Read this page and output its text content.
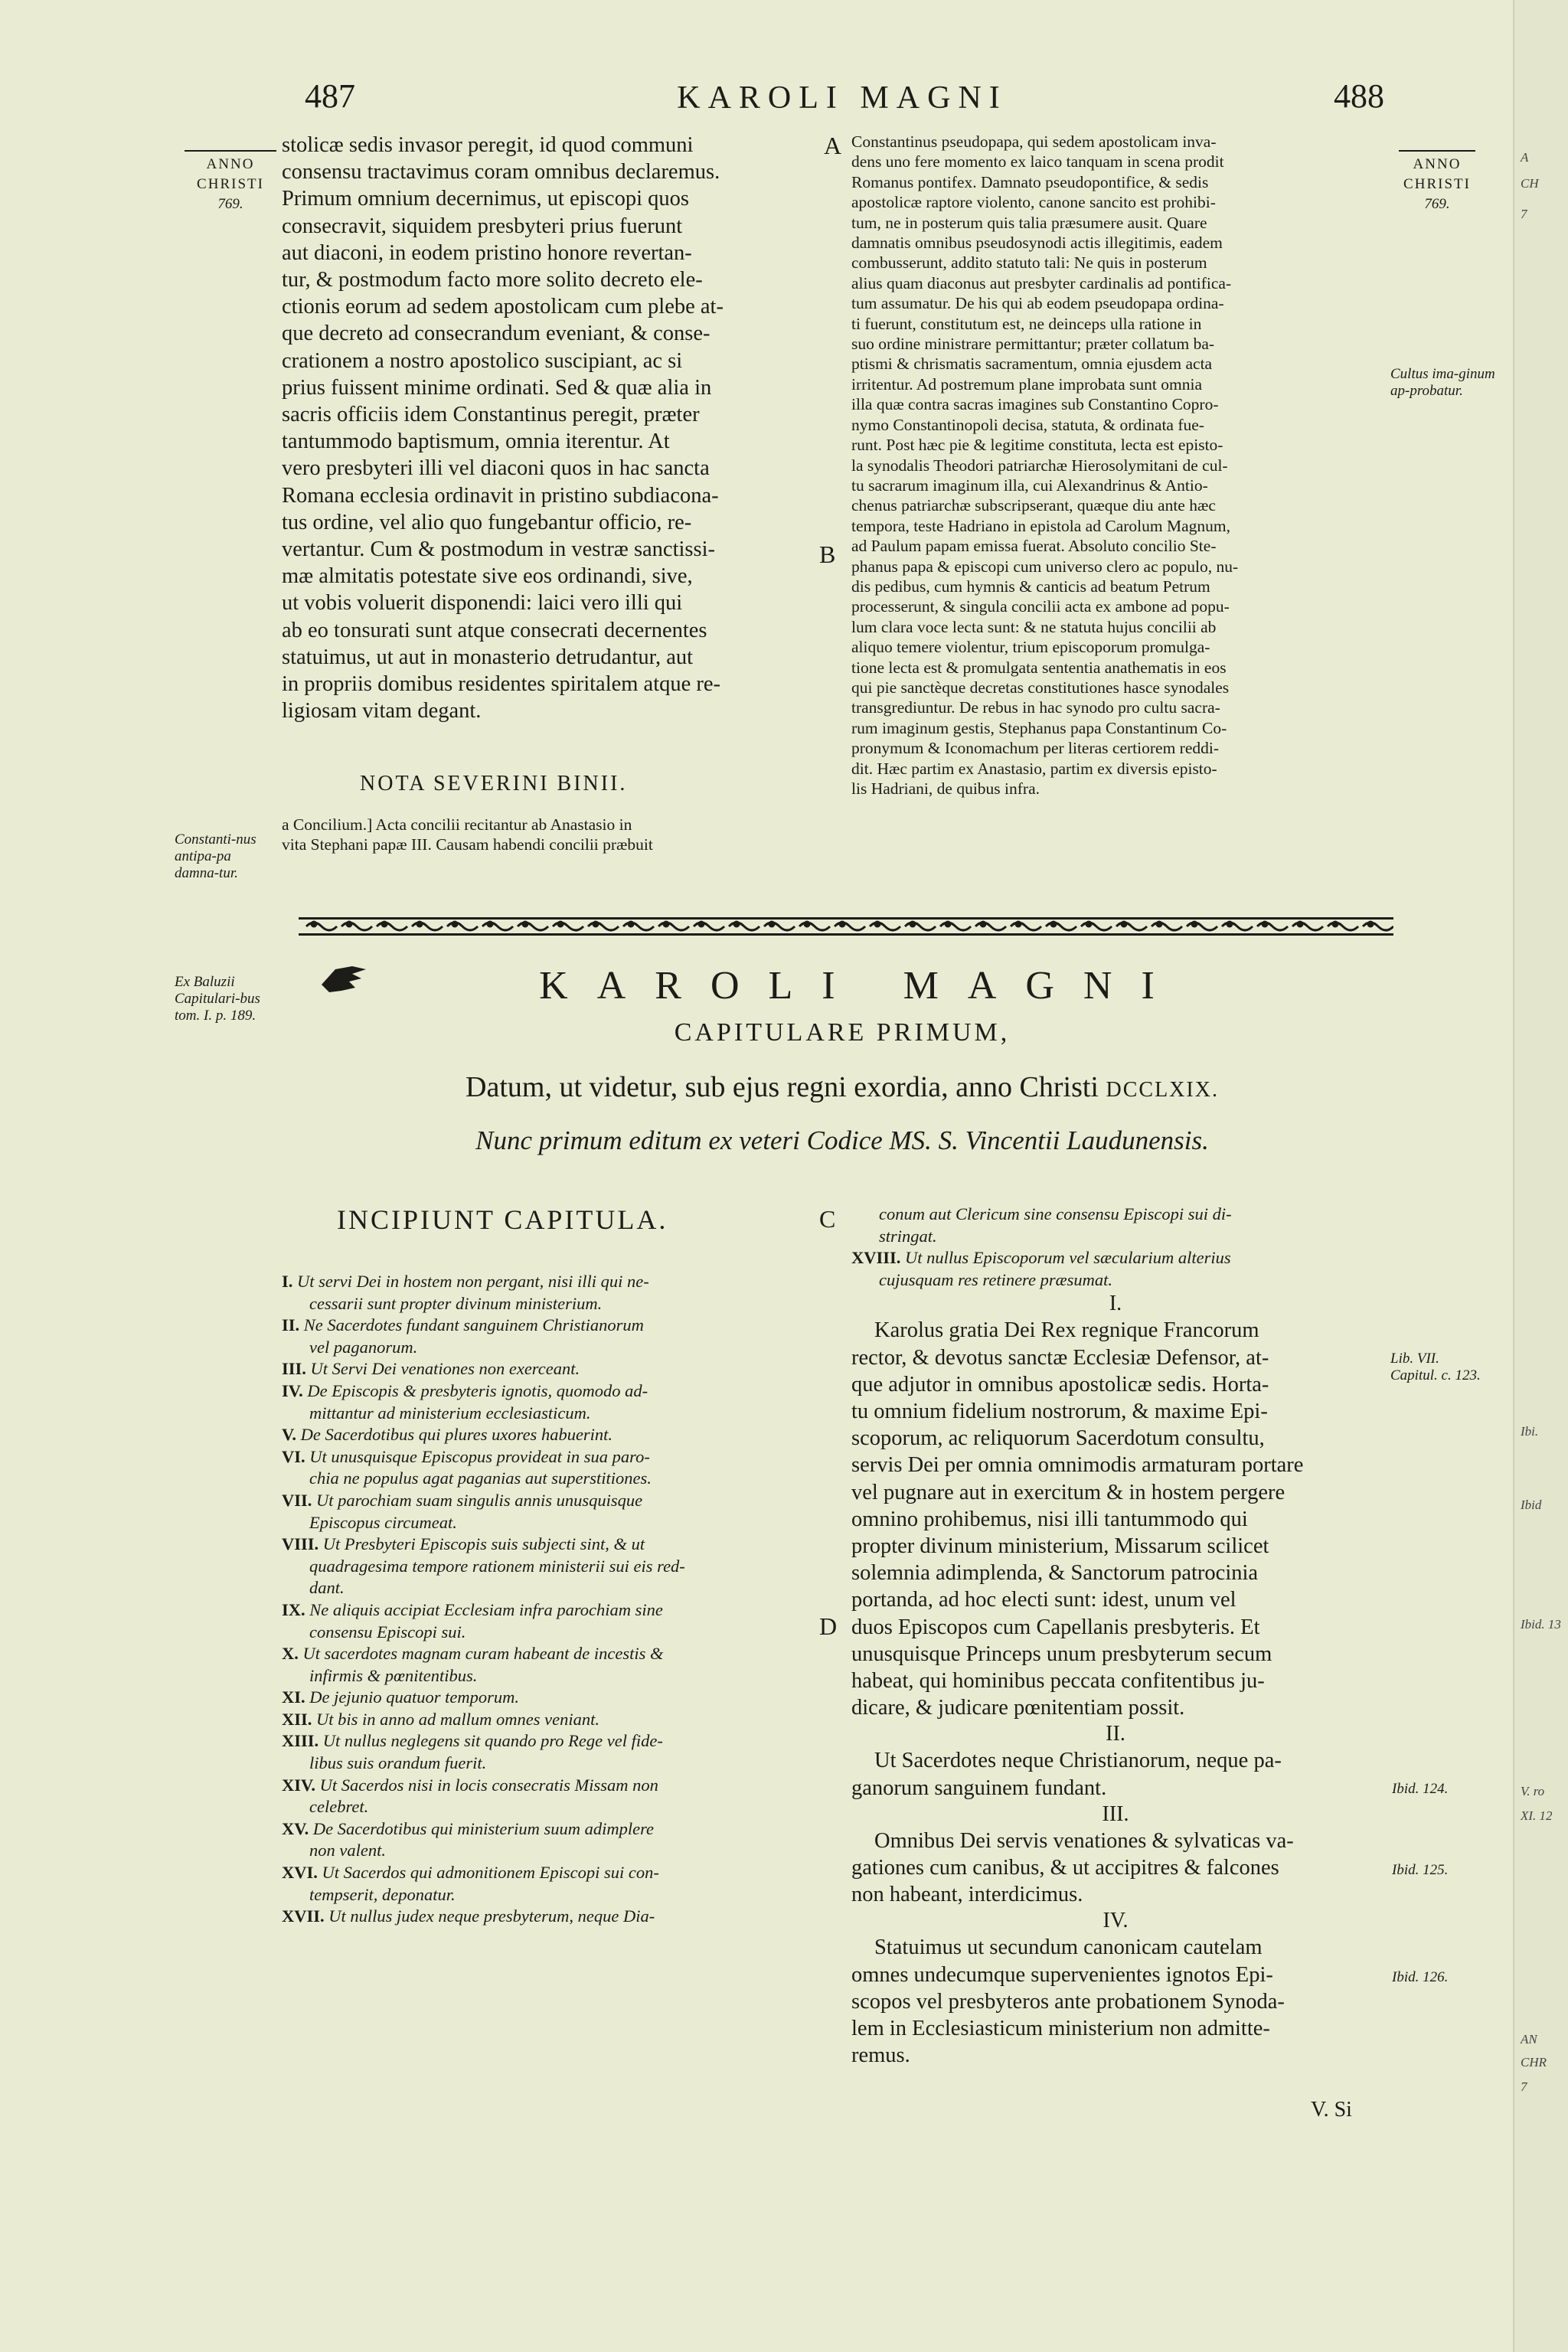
487	KAROLI MAGNI	488
ANNO
CHRISTI
769.
ANNO
CHRISTI
769.
A
B
C
D
stolicæ sedis invasor peregit, id quod communi
consensu tractavimus coram omnibus declaremus.
Primum omnium decernimus, ut episcopi quos
consecravit, siquidem presbyteri prius fuerunt
aut diaconi, in eodem pristino honore revertan-
tur, & postmodum facto more solito decreto ele-
ctionis eorum ad sedem apostolicam cum plebe at-
que decreto ad consecrandum eveniant, & conse-
crationem a nostro apostolico suscipiant, ac si
prius fuissent minime ordinati. Sed & quæ alia in
sacris officiis idem Constantinus peregit, præter
tantummodo baptismum, omnia iterentur. At
vero presbyteri illi vel diaconi quos in hac sancta
Romana ecclesia ordinavit in pristino subdiacona-
tus ordine, vel alio quo fungebantur officio, re-
vertantur. Cum & postmodum in vestræ sanctissi-
mæ almitatis potestate sive eos ordinandi, sive,
ut vobis voluerit disponendi: laici vero illi qui
ab eo tonsurati sunt atque consecrati decernentes
statuimus, ut aut in monasterio detrudantur, aut
in propriis domibus residentes spiritalem atque re-
ligiosam vitam degant.
NOTA SEVERINI BINII.
a Concilium.] Acta concilii recitantur ab Anastasio in
vita Stephani papæ III. Causam habendi concilii præbuit
Constantinus pseudopapa, qui sedem apostolicam inva-
dens uno fere momento ex laico tanquam in scena prodit
Romanus pontifex. Damnato pseudopontifice, & sedis
apostolicæ raptore violento, canone sancito est prohibi-
tum, ne in posterum quis talia præsumere ausit. Quare
damnatis omnibus pseudosynodi actis illegitimis, eadem
combusserunt, addito statuto tali: Ne quis in posterum
alius quam diaconus aut presbyter cardinalis ad pontifica-
tum assumatur. De his qui ab eodem pseudopapa ordina-
ti fuerunt, constitutum est, ne deinceps ulla ratione in
suo ordine ministrare permittantur; præter collatum ba-
ptismi & chrismatis sacramentum, omnia ejusdem acta
irritentur. Ad postremum plane improbata sunt omnia
illa quæ contra sacras imagines sub Constantino Copro-
nymo Constantinopoli decisa, statuta, & ordinata fue-
runt. Post hæc pie & legitime constituta, lecta est episto-
la synodalis Theodori patriarchæ Hierosolymitani de cul-
tu sacrarum imaginum illa, cui Alexandrinus & Antio-
chenus patriarchæ subscripserant, quæque diu ante hæc
tempora, teste Hadriano in epistola ad Carolum Magnum,
ad Paulum papam emissa fuerat. Absoluto concilio Ste-
phanus papa & episcopi cum universo clero ac populo, nu-
dis pedibus, cum hymnis & canticis ad beatum Petrum
processerunt, & singula concilii acta ex ambone ad popu-
lum clara voce lecta sunt: & ne statuta hujus concilii ab
aliquo temere violentur, trium episcoporum promulga-
tione lecta est & promulgata sententia anathematis in eos
qui pie sanctèque decretas constitutiones hasce synodales
transgrediuntur. De rebus in hac synodo pro cultu sacra-
rum imaginum gestis, Stephanus papa Constantinum Co-
pronymum & Iconomachum per literas certiorem reddi-
dit. Hæc partim ex Anastasio, partim ex diversis episto-
lis Hadriani, de quibus infra.
Constanti-nus antipa-pa damna-tur.
Ex Baluzii Capitulari-bus tom. I. p. 189.
Cultus ima-ginum ap-probatur.
Lib. VII. Capitul. c. 123.
Ibid. 124.
Ibid. 125.
Ibid. 126.
KAROLI MAGNI
CAPITULARE PRIMUM,
Datum, ut videtur, sub ejus regni exordia, anno Christi DCCLXIX.
Nunc primum editum ex veteri Codice MS. S. Vincentii Laudunensis.
INCIPIUNT CAPITULA.
I. Ut servi Dei in hostem non pergant, nisi illi qui ne-
cessarii sunt propter divinum ministerium.
II. Ne Sacerdotes fundant sanguinem Christianorum
vel paganorum.
III. Ut Servi Dei venationes non exerceant.
IV. De Episcopis & presbyteris ignotis, quomodo ad-
mittantur ad ministerium ecclesiasticum.
V. De Sacerdotibus qui plures uxores habuerint.
VI. Ut unusquisque Episcopus provideat in sua paro-
chia ne populus agat paganias aut superstitiones.
VII. Ut parochiam suam singulis annis unusquisque
Episcopus circumeat.
VIII. Ut Presbyteri Episcopis suis subjecti sint, & ut
quadragesima tempore rationem ministerii sui eis red-
dant.
IX. Ne aliquis accipiat Ecclesiam infra parochiam sine
consensu Episcopi sui.
X. Ut sacerdotes magnam curam habeant de incestis &
infirmis & pœnitentibus.
XI. De jejunio quatuor temporum.
XII. Ut bis in anno ad mallum omnes veniant.
XIII. Ut nullus neglegens sit quando pro Rege vel fide-
libus suis orandum fuerit.
XIV. Ut Sacerdos nisi in locis consecratis Missam non
celebret.
XV. De Sacerdotibus qui ministerium suum adimplere
non valent.
XVI. Ut Sacerdos qui admonitionem Episcopi sui con-
tempserit, deponatur.
XVII. Ut nullus judex neque presbyterum, neque Dia-
conum aut Clericum sine consensu Episcopi sui di-
stringat.
XVIII. Ut nullus Episcoporum vel sæcularium alterius
cujusquam res retinere præsumat.
I.
Karolus gratia Dei Rex regnique Francorum
rector, & devotus sanctæ Ecclesiæ Defensor, at-
que adjutor in omnibus apostolicæ sedis. Horta-
tu omnium fidelium nostrorum, & maxime Epi-
scoporum, ac reliquorum Sacerdotum consultu,
servis Dei per omnia omnimodis armaturam portare
vel pugnare aut in exercitum & in hostem pergere
omnino prohibemus, nisi illi tantummodo qui
propter divinum ministerium, Missarum scilicet
solemnia adimplenda, & Sanctorum patrocinia
portanda, ad hoc electi sunt: idest, unum vel
duos Episcopos cum Capellanis presbyteris. Et
unusquisque Princeps unum presbyterum secum
habeat, qui hominibus peccata confitentibus ju-
dicare, & judicare pœnitentiam possit.
II.
Ut Sacerdotes neque Christianorum, neque pa-
ganorum sanguinem fundant.
III.
Omnibus Dei servis venationes & sylvaticas va-
gationes cum canibus, & ut accipitres & falcones
non habeant, interdicimus.
IV.
Statuimus ut secundum canonicam cautelam
omnes undecumque supervenientes ignotos Epi-
scopos vel presbyteros ante probationem Synoda-
lem in Ecclesiasticum ministerium non admitte-
remus.
V. Si
A
CH
7
Ibi.
Ibid
Ibid. 13
V. ro
XI. 12
AN
CHR
7
